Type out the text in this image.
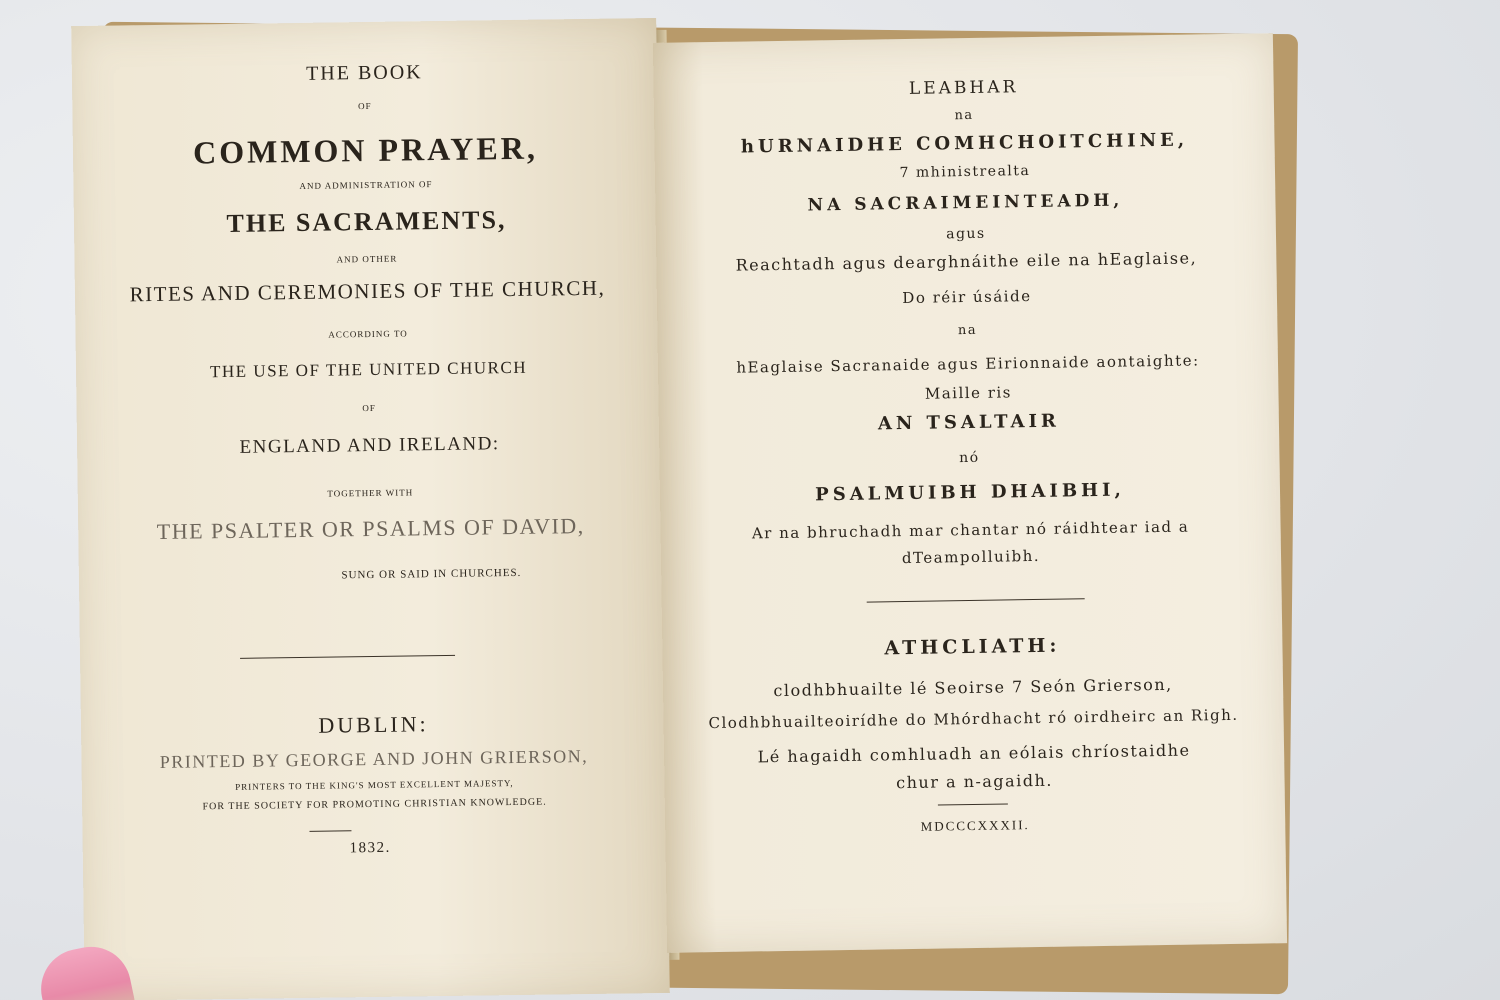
THE BOOK
OF
COMMON PRAYER,
AND ADMINISTRATION OF
THE SACRAMENTS,
AND OTHER
RITES AND CEREMONIES OF THE CHURCH,
ACCORDING TO
THE USE OF THE UNITED CHURCH
OF
ENGLAND AND IRELAND:
TOGETHER WITH
THE PSALTER OR PSALMS OF DAVID,
SUNG OR SAID IN CHURCHES.
DUBLIN:
PRINTED BY GEORGE AND JOHN GRIERSON,
PRINTERS TO THE KING'S MOST EXCELLENT MAJESTY,
FOR THE SOCIETY FOR PROMOTING CHRISTIAN KNOWLEDGE.
1832.
LEABHAR
na
hURNAIDHE COMHCHOITCHINE,
7 mhinistrealta
NA SACRAIMEINTEADH,
agus
Reachtadh agus dearghnáithe eile na hEaglaise,
Do réir úsáide
na
hEaglaise Sacranaide agus Eirionnaide aontaighte:
Maille ris
AN TSALTAIR
nó
PSALMUIBH DHAIBHI,
Ar na bhruchadh mar chantar nó ráidhtear iad a
dTeampolluibh.
ATHCLIATH:
clodhbhuailte lé Seoirse 7 Seón Grierson,
Clodhbhuailteoirídhe do Mhórdhacht ró oirdheirc an Righ.
Lé hagaidh comhluadh an eólais chríostaidhe
chur a n-agaidh.
MDCCCXXXII.
